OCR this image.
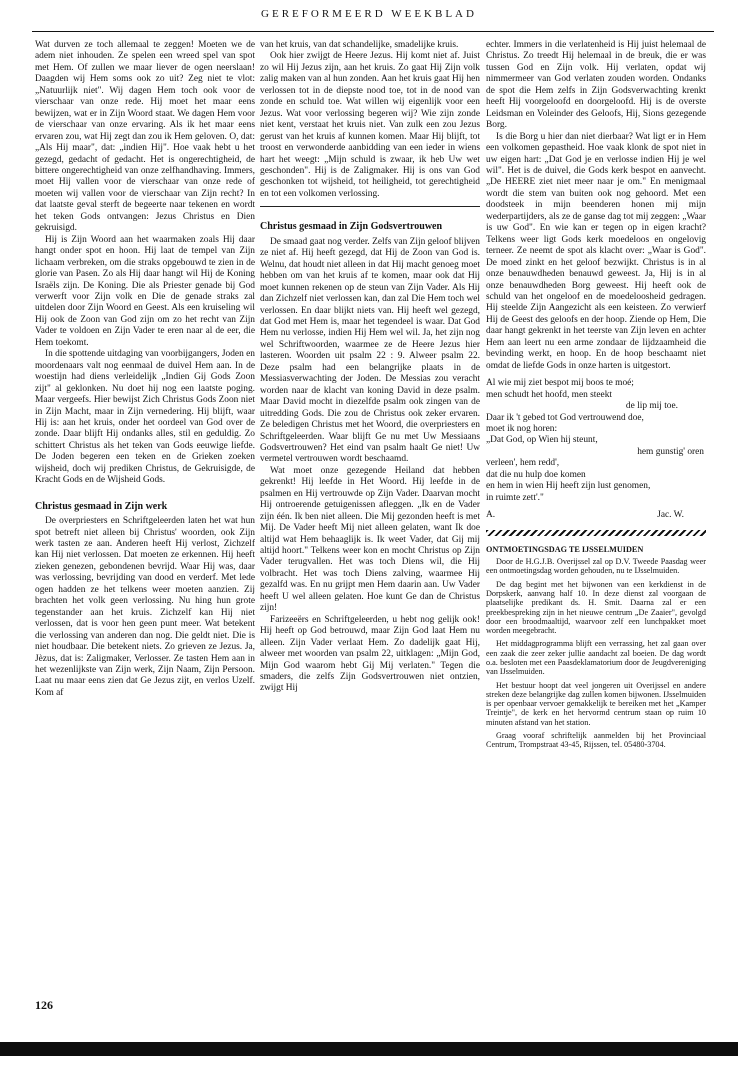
GEREFORMEERD WEEKBLAD

Wat durven ze toch allemaal te zeggen! Moeten we de adem niet inhouden. Ze spelen een wreed spel van spot met Hem. Of zullen we maar liever de ogen neerslaan! Daagden wij Hem soms ook zo uit? Zeg niet te vlot: „Natuurlijk niet". Wij dagen Hem toch ook voor de vierschaar van onze rede. Hij moet het maar eens bewijzen, wat er in Zijn Woord staat. We dagen Hem voor de vierschaar van onze ervaring. Als ik het maar eens ervaren zou, wat Hij zegt dan zou ik Hem geloven. O, dat: „Als Hij maar", dat: „indien Hij". Hoe vaak hebt u het gezegd, gedacht of gedacht. Het is ongerechtigheid, de bittere ongerechtigheid van onze zelfhandhaving. Immers, moet Hij vallen voor de vierschaar van onze rede of moeten wij vallen voor de vierschaar van Zijn recht? In dat laatste geval sterft de begeerte naar tekenen en wordt het teken Gods ontvangen: Jezus Christus en Dien gekruisigd.

Hij is Zijn Woord aan het waarmaken zoals Hij daar hangt onder spot en hoon. Hij laat de tempel van Zijn lichaam verbreken, om die straks opgebouwd te zien in de glorie van Pasen. Zo als Hij daar hangt wil Hij de Koning Israëls zijn. De Koning. Die als Priester genade bij God verwerft voor Zijn volk en Die de genade straks zal uitdelen door Zijn Woord en Geest. Als een kruiseling wil Hij ook de Zoon van God zijn om zo het recht van Zijn Vader te voldoen en Zijn Vader te eren naar al de eer, die Hem toekomt.

In die spottende uitdaging van voorbijgangers, Joden en moordenaars valt nog eenmaal de duivel Hem aan. In de woestijn had diens verleidelijk „Indien Gij Gods Zoon zijt" al geklonken. Nu doet hij nog een laatste poging. Maar vergeefs. Hier bewijst Zich Christus Gods Zoon niet in Zijn Macht, maar in Zijn vernedering. Hij blijft, waar Hij is: aan het kruis, onder het oordeel van God over de zonde. Daar blijft Hij ondanks alles, stil en geduldig. Zo schittert Christus als het teken van Gods eeuwige liefde. De Joden begeren een teken en de Grieken zoeken wijsheid, doch wij prediken Christus, de Gekruisigde, de Kracht Gods en de Wijsheid Gods.

Christus gesmaad in Zijn werk

De overpriesters en Schriftgeleerden laten het wat hun spot betreft niet alleen bij Christus' woorden, ook Zijn werk tasten ze aan. Anderen heeft Hij verlost, Zichzelf kan Hij niet verlossen. Dat moeten ze erkennen. Hij heeft zieken genezen, gebondenen bevrijd. Waar Hij was, daar was verlossing, bevrijding van dood en verderf. Met lede ogen hadden ze het telkens weer moeten aanzien. Zij brachten het volk geen verlossing. Nu hing hun grote tegenstander aan het kruis. Zichzelf kan Hij niet verlossen, dat is voor hen geen punt meer. Wat betekent die verlossing van anderen dan nog. Die geldt niet. Die is niet houdbaar. Die betekent niets. Zo grieven ze Jezus. Ja, Jèzus, dat is: Zaligmaker, Verlosser. Ze tasten Hem aan in het wezenlijkste van Zijn werk, Zijn Naam, Zijn Persoon. Laat nu maar eens zien dat Ge Jezus zijt, en verlos Uzelf. Kom af

van het kruis, van dat schandelijke, smadelijke kruis.

Ook hier zwijgt de Heere Jezus. Hij komt niet af. Juist zo wil Hij Jezus zijn, aan het kruis. Zo gaat Hij Zijn volk zalig maken van al hun zonden. Aan het kruis gaat Hij hen verlossen tot in de diepste nood toe, tot in de nood van zonde en schuld toe. Wat willen wij eigenlijk voor een Jezus. Wat voor verlossing begeren wij? Wie zijn zonde niet kent, verstaat het kruis niet. Van zulk een zou Jezus gerust van het kruis af kunnen komen. Maar Hij blijft, tot troost en verwonderde aanbidding van een ieder in wiens hart het weegt: „Mijn schuld is zwaar, ik heb Uw wet geschonden". Hij is de Zaligmaker. Hij is ons van God geschonken tot wijsheid, tot heiligheid, tot gerechtigheid en tot een volkomen verlossing.

Christus gesmaad in Zijn Godsvertrouwen

De smaad gaat nog verder. Zelfs van Zijn geloof blijven ze niet af. Hij heeft gezegd, dat Hij de Zoon van God is. Welnu, dat houdt niet alleen in dat Hij macht genoeg moet hebben om van het kruis af te komen, maar ook dat Hij moet kunnen rekenen op de steun van Zijn Vader. Als Hij dan Zichzelf niet verlossen kan, dan zal Die Hem toch wel verlossen. En daar blijkt niets van. Hij heeft wel gezegd, dat God met Hem is, maar het tegendeel is waar. Dat God Hem nu verlosse, indien Hij Hem wel wil. Ja, het zijn nog wel Schriftwoorden, waarmee ze de Heere Jezus hier lasteren. Woorden uit psalm 22 : 9. Alweer psalm 22. Deze psalm had een belangrijke plaats in de Messiasverwachting der Joden. De Messias zou veracht worden naar de klacht van koning David in deze psalm. Maar David mocht in diezelfde psalm ook zingen van de uitredding Gods. Die zou de Christus ook zeker ervaren. Ze beledigen Christus met het Woord, die overpriesters en Schriftgeleerden. Waar blijft Ge nu met Uw Messiaans Godsvertrouwen? Het eind van psalm haalt Ge niet! Uw vermetel vertrouwen wordt beschaamd.

Wat moet onze gezegende Heiland dat hebben gekrenkt! Hij leefde in Het Woord. Hij leefde in de psalmen en Hij vertrouwde op Zijn Vader. Daarvan mocht Hij ontroerende getuigenissen afleggen. „Ik en de Vader zijn één. Ik ben niet alleen. Die Mij gezonden heeft is met Mij. De Vader heeft Mij niet alleen gelaten, want Ik doe altijd wat Hem behaaglijk is. Ik weet Vader, dat Gij mij altijd hoort." Telkens weer kon en mocht Christus op Zijn Vader terugvallen. Het was toch Diens wil, die Hij volbracht. Het was toch Diens zalving, waarmee Hij gezalfd was. En nu grijpt men Hem daarin aan. Uw Vader heeft U wel alleen gelaten. Hoe kunt Ge dan de Christus zijn!

Farizeeërs en Schriftgeleerden, u hebt nog gelijk ook! Hij heeft op God betrouwd, maar Zijn God laat Hem nu alleen. Zijn Vader verlaat Hem. Zo dadelijk gaat Hij, alweer met woorden van psalm 22, uitklagen: „Mijn God, Mijn God waarom hebt Gij Mij verlaten." Tegen die smaders, die zelfs Zijn Godsvertrouwen niet ontzien, zwijgt Hij

echter. Immers in die verlatenheid is Hij juist helemaal de Christus. Zo treedt Hij helemaal in de breuk, die er was tussen God en Zijn volk. Hij verlaten, opdat wij nimmermeer van God verlaten zouden worden. Ondanks de spot die Hem zelfs in Zijn Godsverwachting krenkt heeft Hij voorgeloofd en doorgeloofd. Hij is de overste Leidsman en Voleinder des Geloofs, Hij, Sions gezegende Borg.

Is die Borg u hier dan niet dierbaar? Wat ligt er in Hem een volkomen gepastheid. Hoe vaak klonk de spot niet in uw eigen hart: „Dat God je en verlosse indien Hij je wel wil". Het is de duivel, die Gods kerk bespot en aanvecht. „De HEERE ziet niet meer naar je om." En menigmaal wordt die stem van buiten ook nog gehoord. Met een doodsteek in mijn beenderen honen mij mijn wederpartijders, als ze de ganse dag tot mij zeggen: „Waar is uw God". En wie kan er tegen op in eigen kracht? Telkens weer ligt Gods kerk moedeloos en ongelovig terneer. Ze neemt de spot als klacht over: „Waar is God". De moed zinkt en het geloof bezwijkt. Christus is in al onze benauwdheden benauwd geweest. Ja, Hij is in al onze benauwdheden Borg geweest. Hij heeft ook de schuld van het ongeloof en de moedeloosheid gedragen. Hij steelde Zijn Aangezicht als een keisteen. Zo verwierf Hij de Geest des geloofs en der hoop. Ziende op Hem, Die daar hangt gekrenkt in het teerste van Zijn leven en achter Hem aan leert nu een arme zondaar de lijdzaamheid die bevinding werkt, en hoop. En de hoop beschaamt niet omdat de liefde Gods in onze harten is uitgestort.

Al wie mij ziet bespot mij boos te moé;
men schudt het hoofd, men steekt
de lip mij toe.
Daar ik 't gebed tot God vertrouwend doe,
moet ik nog horen:
„Dat God, op Wien hij steunt,
hem gunstig' oren
verleen', hem redd',
dat die nu hulp doe komen
en hem in wien Hij heeft zijn lust genomen,
in ruimte zett'."
A.	Jac. W.
ONTMOETINGSDAG TE IJSSELMUIDEN

Door de H.G.J.B. Overijssel zal op D.V. Tweede Paasdag weer een ontmoetingsdag worden gehouden, nu te IJsselmuiden.

De dag begint met het bijwonen van een kerkdienst in de Dorpskerk, aanvang half 10. In deze dienst zal voorgaan de plaatselijke predikant ds. H. Smit. Daarna zal er een preekbespreking zijn in het nieuwe centrum „De Zaaier", gevolgd door een broodmaaltijd, waarvoor zelf een lunchpakket moet worden meegebracht.

Het middagprogramma blijft een verrassing, het zal gaan over een zaak die zeer zeker jullie aandacht zal boeien. De dag wordt o.a. besloten met een Paasdeklamatorium door de Jeugdvereniging van IJsselmuiden.

Het bestuur hoopt dat veel jongeren uit Overijssel en andere streken deze belangrijke dag zullen komen bijwonen. IJsselmuiden is per openbaar vervoer gemakkelijk te bereiken met het „Kamper Treintje", de kerk en het hervormd centrum staan op ruim 10 minuten afstand van het station.

Graag vooraf schriftelijk aanmelden bij het Provinciaal Centrum, Trompstraat 43-45, Rijssen, tel. 05480-3704.

126
